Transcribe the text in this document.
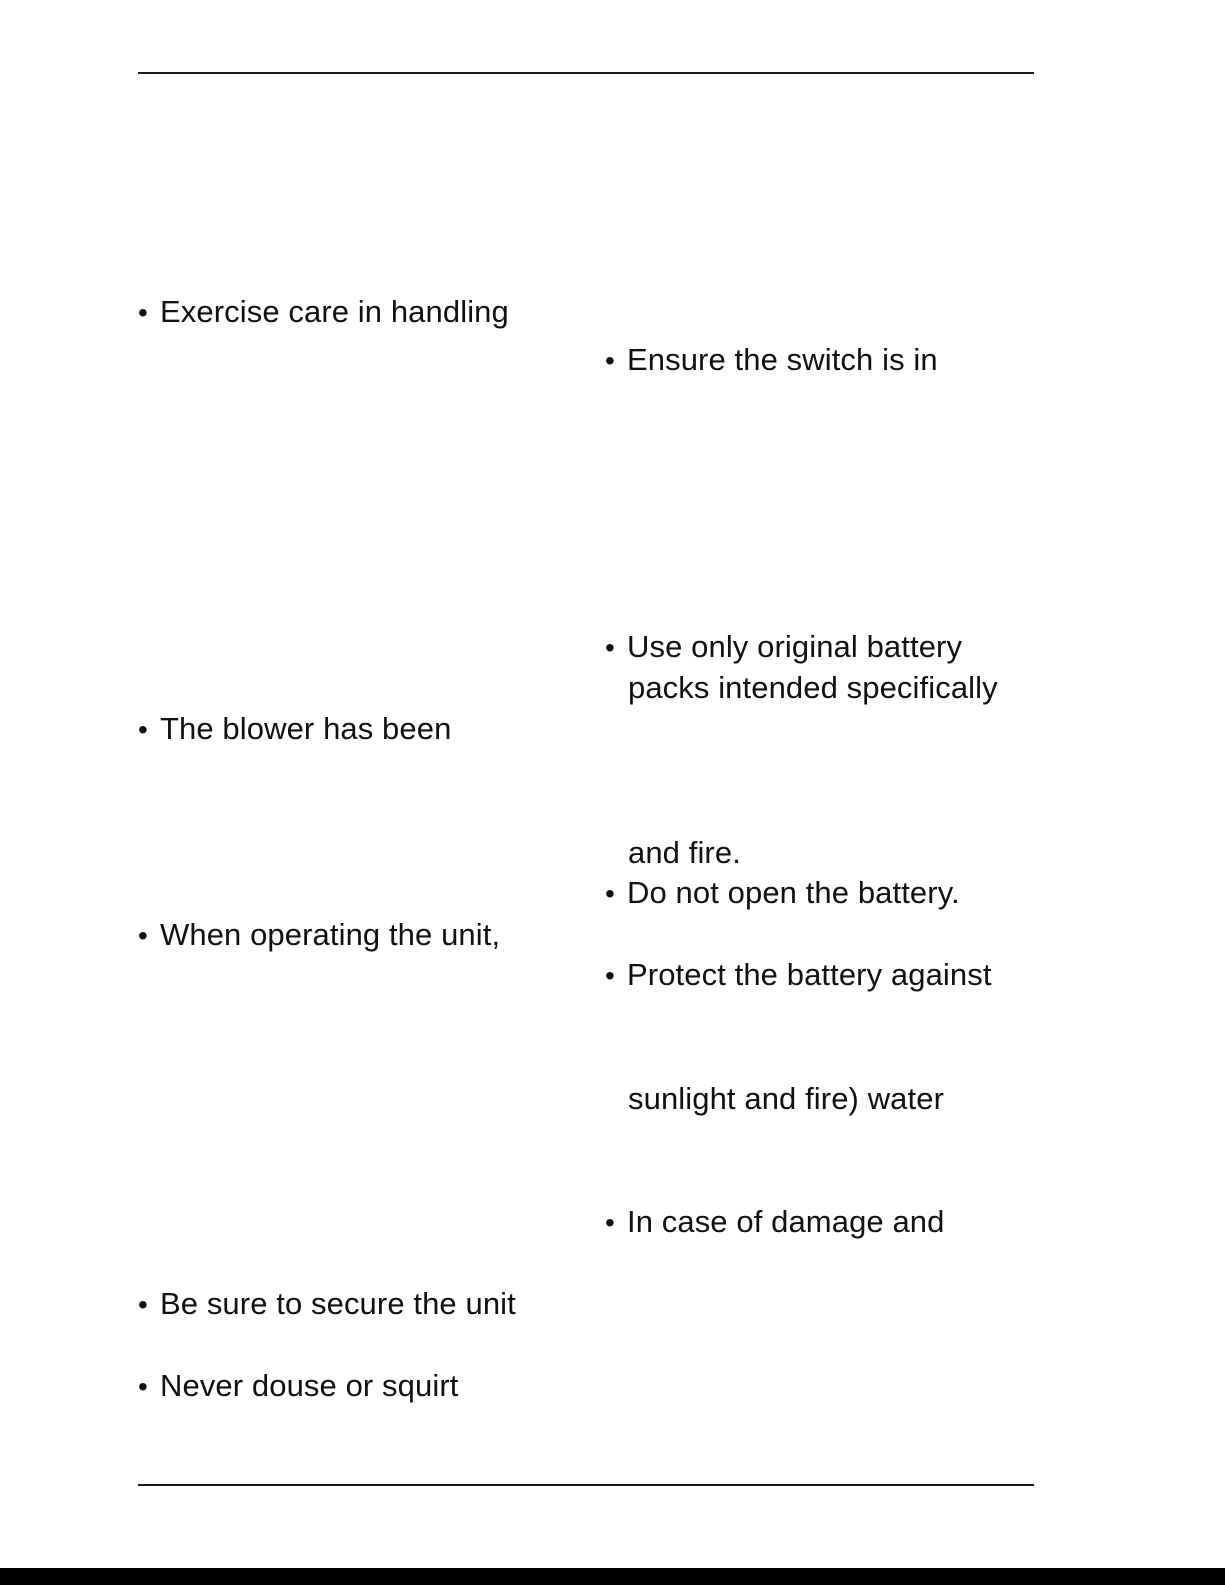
• Exercise care in handling
• The blower has been
• When operating the unit,
• Be sure to secure the unit
• Never douse or squirt
• Ensure the switch is in
• Use only original battery
packs intended specifically
and fire.
• Do not open the battery.
• Protect the battery against
sunlight and fire) water
• In case of damage and
